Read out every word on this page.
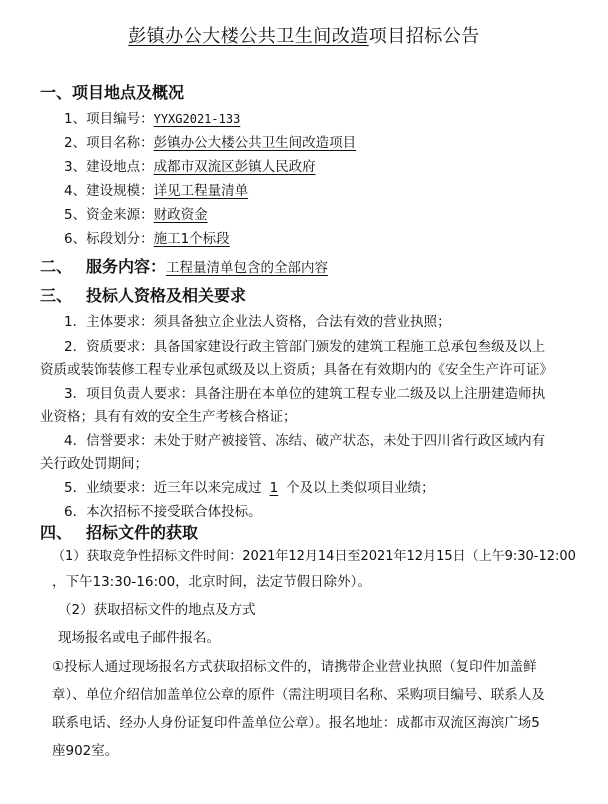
彭镇办公大楼公共卫生间改造项目招标公告
一、项目地点及概况
1、项目编号：YYXG2021-133
2、项目名称：彭镇办公大楼公共卫生间改造项目
3、建设地点：成都市双流区彭镇人民政府
4、建设规模：详见工程量清单
5、资金来源：财政资金
6、标段划分：施工1个标段
二、 服务内容：工程量清单包含的全部内容
三、 投标人资格及相关要求
1．主体要求：须具备独立企业法人资格，合法有效的营业执照；
2．资质要求：具备国家建设行政主管部门颁发的建筑工程施工总承包叁级及以上
资质或装饰装修工程专业承包贰级及以上资质；具备在有效期内的《安全生产许可证》
3．项目负责人要求：具备注册在本单位的建筑工程专业二级及以上注册建造师执
业资格；具有有效的安全生产考核合格证；
4．信誉要求：未处于财产被接管、冻结、破产状态，未处于四川省行政区域内有
关行政处罚期间；
5．业绩要求：近三年以来完成过 1 个及以上类似项目业绩；
6．本次招标不接受联合体投标。
四、 招标文件的获取
（1）获取竞争性招标文件时间：2021年12月14日至2021年12月15日（上午9:30-12:00
，下午13:30-16:00，北京时间，法定节假日除外）。
（2）获取招标文件的地点及方式
现场报名或电子邮件报名。
①投标人通过现场报名方式获取招标文件的，请携带企业营业执照（复印件加盖鲜
章）、单位介绍信加盖单位公章的原件（需注明项目名称、采购项目编号、联系人及
联系电话、经办人身份证复印件盖单位公章）。报名地址：成都市双流区海滨广场5
座902室。
